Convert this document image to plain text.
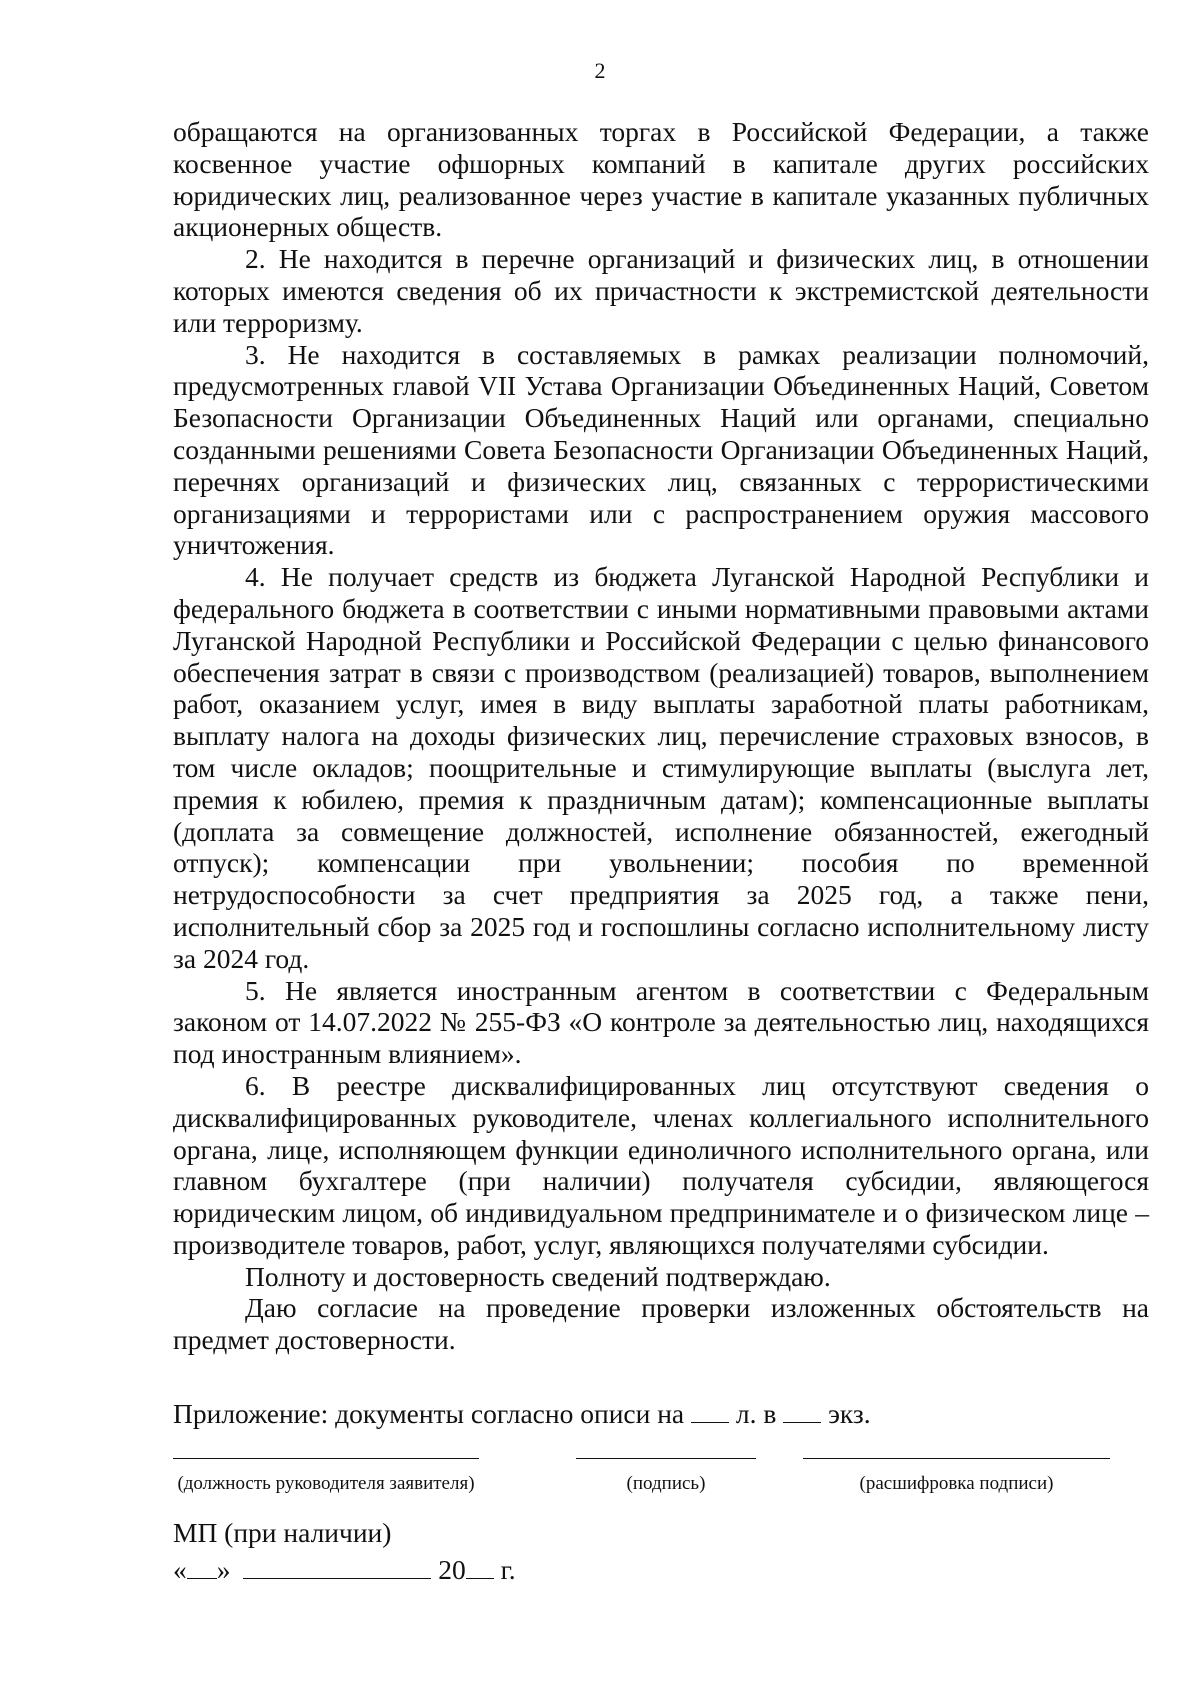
2

обращаются на организованных торгах в Российской Федерации, а также косвенное участие офшорных компаний в капитале других российских юридических лиц, реализованное через участие в капитале указанных публичных акционерных обществ.

2. Не находится в перечне организаций и физических лиц, в отношении которых имеются сведения об их причастности к экстремистской деятельности или терроризму.

3. Не находится в составляемых в рамках реализации полномочий, предусмотренных главой VII Устава Организации Объединенных Наций, Советом Безопасности Организации Объединенных Наций или органами, специально созданными решениями Совета Безопасности Организации Объединенных Наций, перечнях организаций и физических лиц, связанных с террористическими организациями и террористами или с распространением оружия массового уничтожения.

4. Не получает средств из бюджета Луганской Народной Республики и федерального бюджета в соответствии с иными нормативными правовыми актами Луганской Народной Республики и Российской Федерации с целью финансового обеспечения затрат в связи с производством (реализацией) товаров, выполнением работ, оказанием услуг, имея в виду выплаты заработной платы работникам, выплату налога на доходы физических лиц, перечисление страховых взносов, в том числе окладов; поощрительные и стимулирующие выплаты (выслуга лет, премия к юбилею, премия к праздничным датам); компенсационные выплаты (доплата за совмещение должностей, исполнение обязанностей, ежегодный отпуск); компенсации при увольнении; пособия по временной нетрудоспособности за счет предприятия за 2025 год, а также пени, исполнительный сбор за 2025 год и госпошлины согласно исполнительному листу за 2024 год.

5. Не является иностранным агентом в соответствии с Федеральным законом от 14.07.2022 № 255-ФЗ «О контроле за деятельностью лиц, находящихся под иностранным влиянием».

6. В реестре дисквалифицированных лиц отсутствуют сведения о дисквалифицированных руководителе, членах коллегиального исполнительного органа, лице, исполняющем функции единоличного исполнительного органа, или главном бухгалтере (при наличии) получателя субсидии, являющегося юридическим лицом, об индивидуальном предпринимателе и о физическом лице – производителе товаров, работ, услуг, являющихся получателями субсидии.

Полноту и достоверность сведений подтверждаю.

Даю согласие на проведение проверки изложенных обстоятельств на предмет достоверности.

Приложение: документы согласно описи на л. в экз.
(должность руководителя заявителя)	(подпись)	(расшифровка подписи)
МП (при наличии)
« »	20 г.
